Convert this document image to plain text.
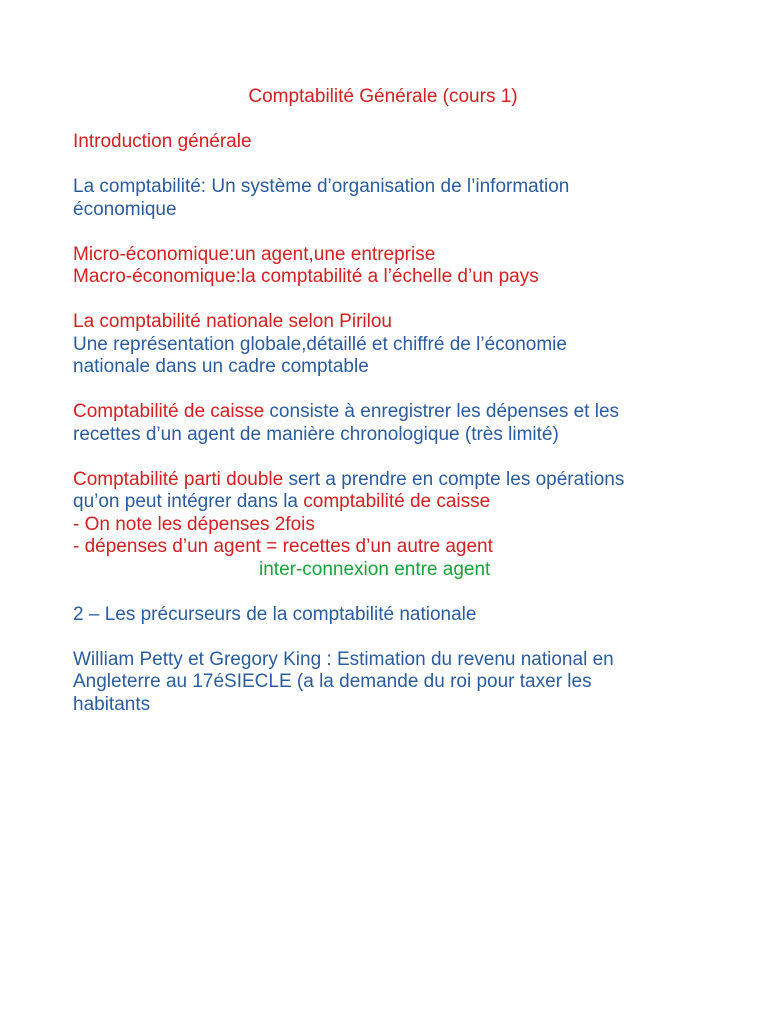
Comptabilité Générale (cours 1)
Introduction générale
La comptabilité: Un système d’organisation de l’information
économique
Micro-économique:un agent,une entreprise
Macro-économique:la comptabilité a l’échelle d’un pays
La comptabilité nationale selon Pirilou
Une représentation globale,détaillé et chiffré de l’économie
nationale dans un cadre comptable
Comptabilité de caisse consiste à enregistrer les dépenses et les
recettes d’un agent de manière chronologique (très limité)
Comptabilité parti double sert a prendre en compte les opérations
qu’on peut intégrer dans la comptabilité de caisse
- On note les dépenses 2fois
- dépenses d’un agent = recettes d’un autre agent
inter-connexion entre agent
2 – Les précurseurs de la comptabilité nationale
William Petty et Gregory King : Estimation du revenu national en
Angleterre au 17éSIECLE (a la demande du roi pour taxer les
habitants
